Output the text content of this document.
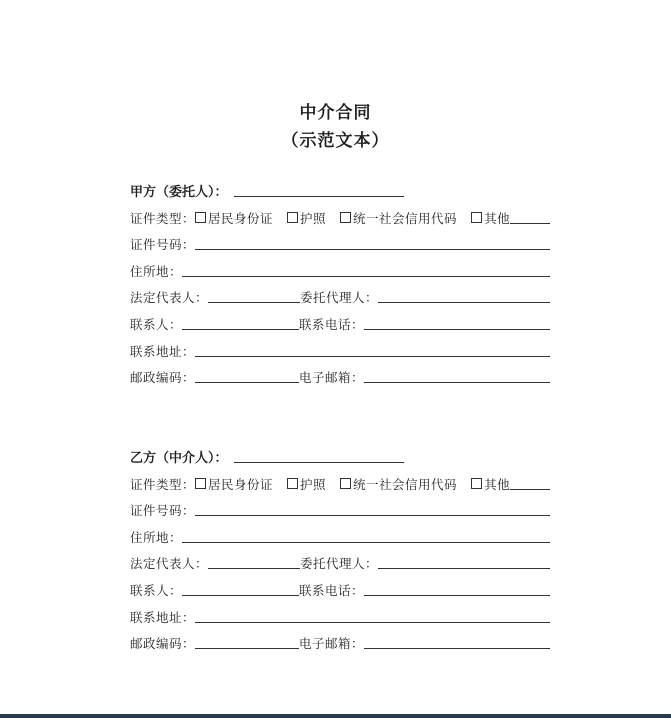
中介合同
（示范文本）
甲方（委托人）：
证件类型： 居民身份证 护照 统一社会信用代码 其他
证件号码：
住所地：
法定代表人：	委托代理人：
联系人：	联系电话：
联系地址：
邮政编码：	电子邮箱：
乙方（中介人）：
证件类型： 居民身份证 护照 统一社会信用代码 其他
证件号码：
住所地：
法定代表人：	委托代理人：
联系人：	联系电话：
联系地址：
邮政编码：	电子邮箱：
